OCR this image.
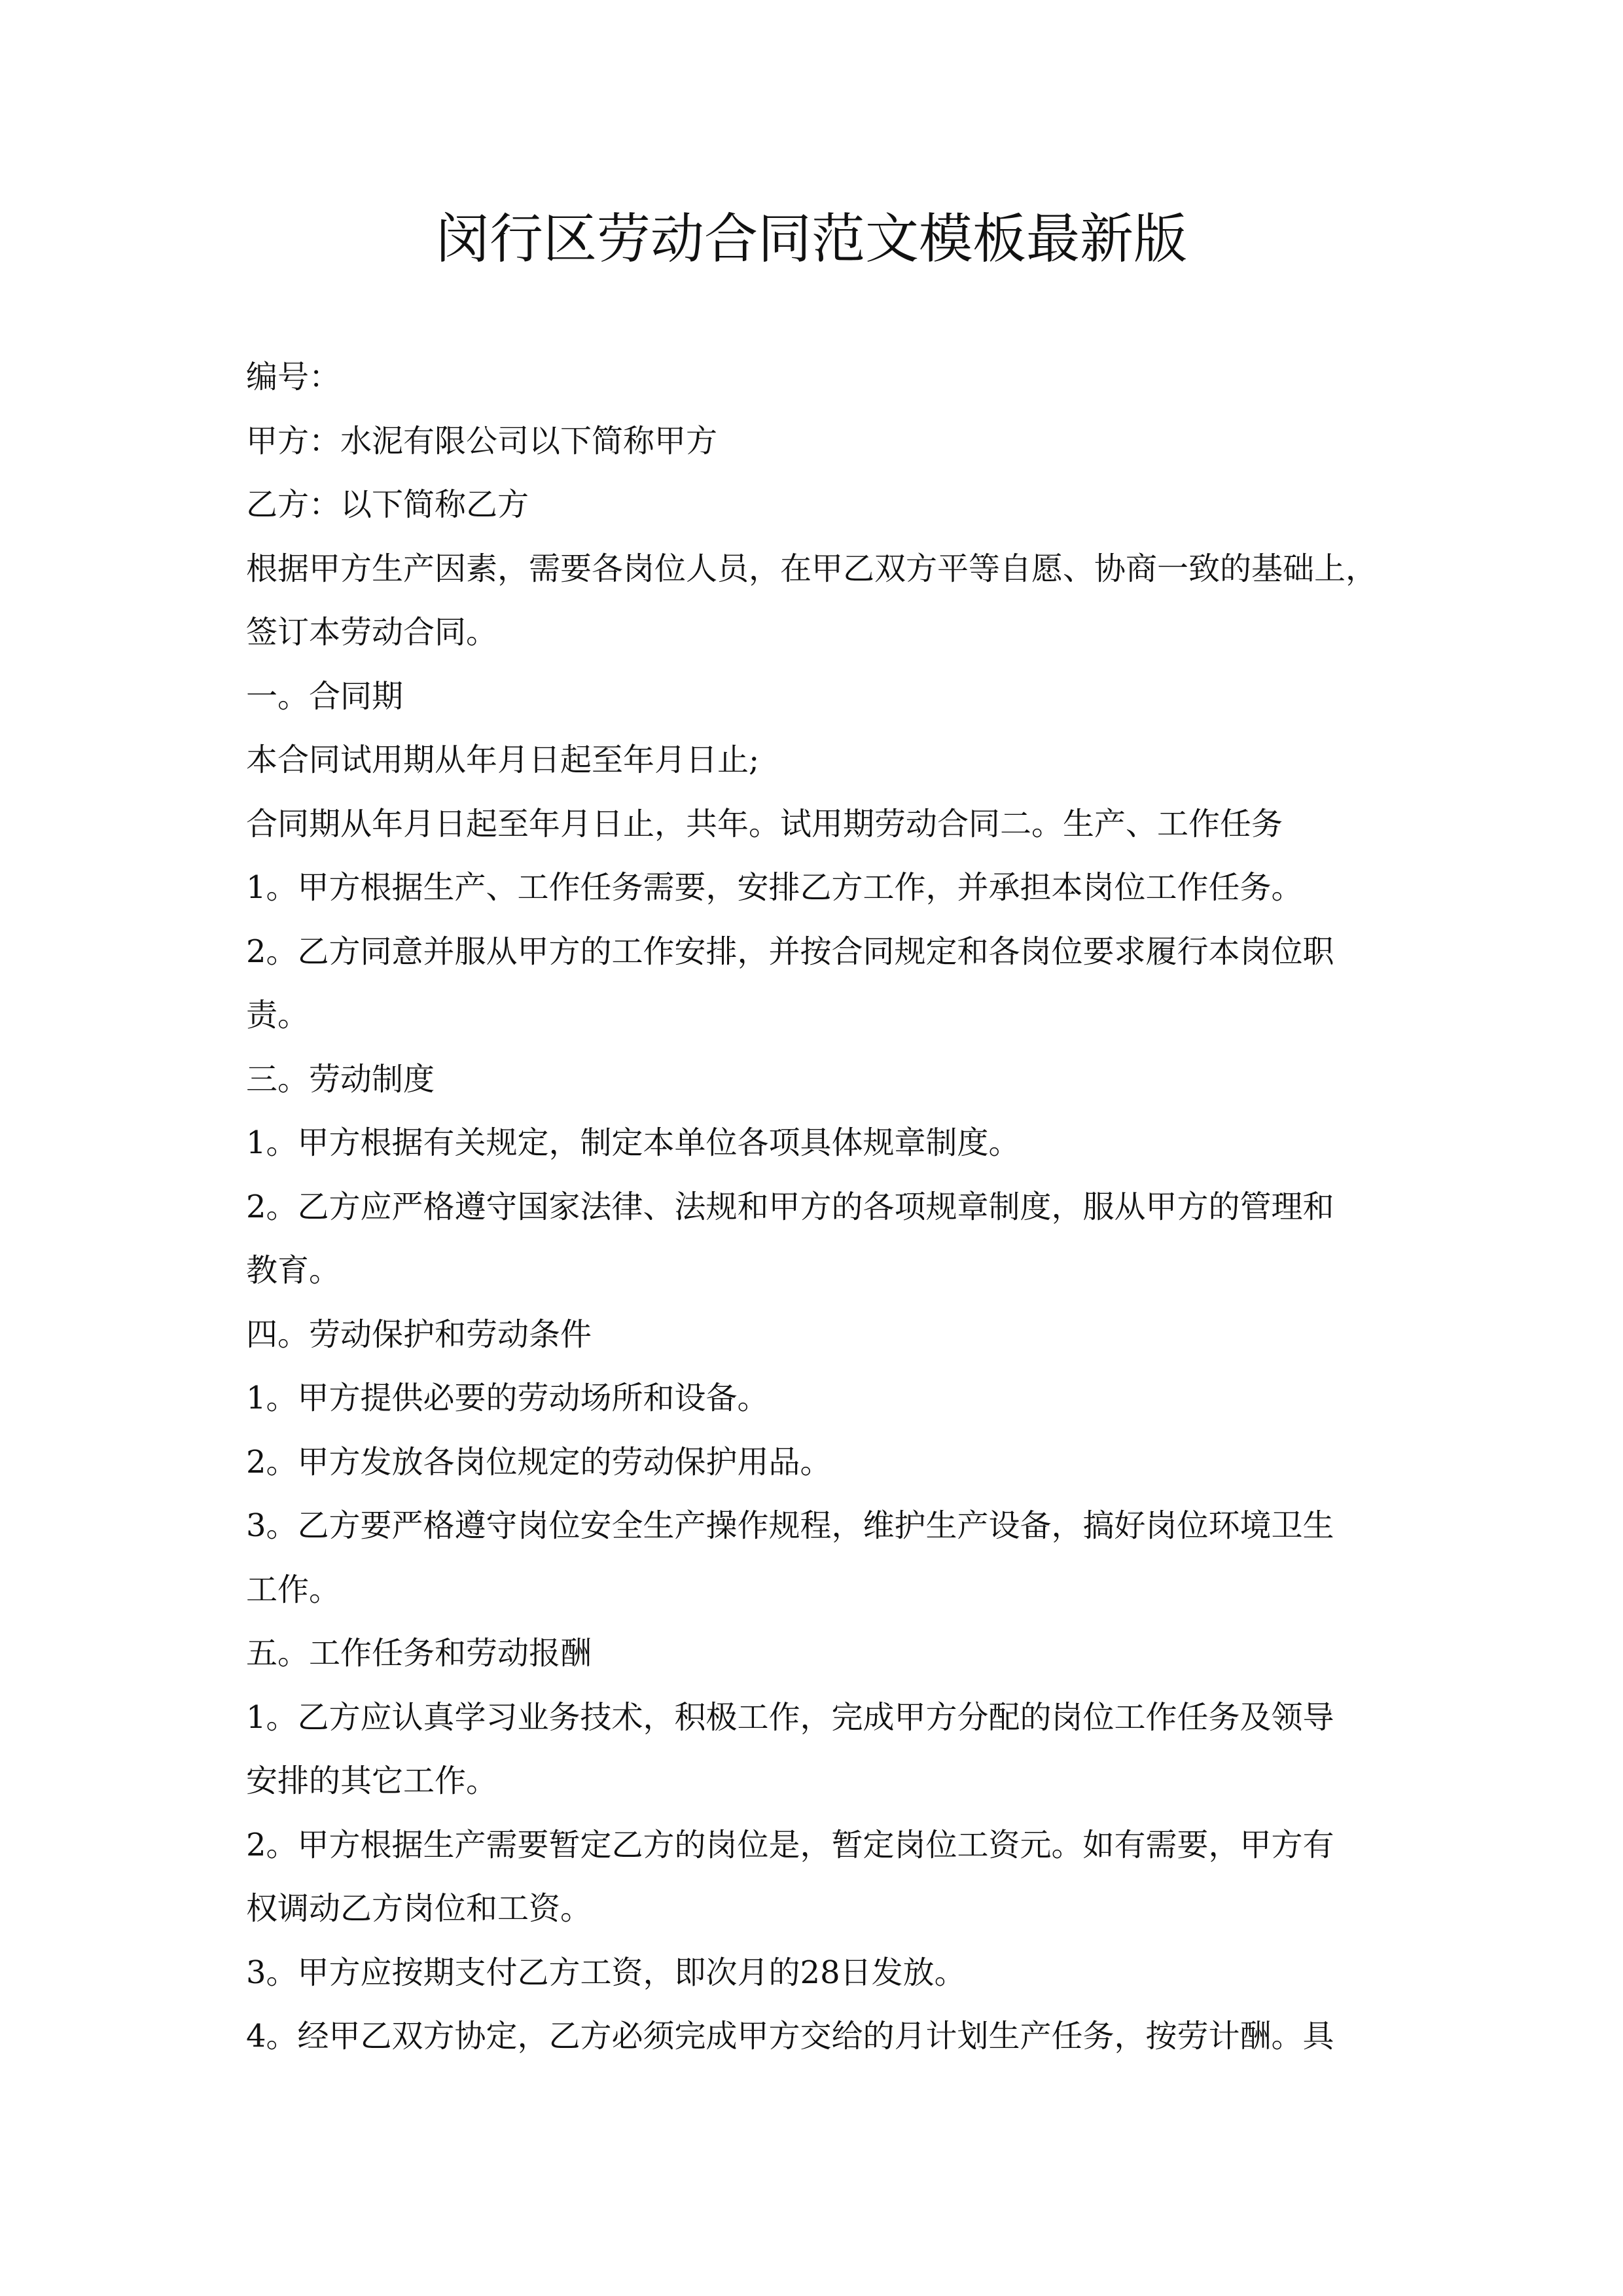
闵行区劳动合同范文模板最新版
编号：
甲方：水泥有限公司以下简称甲方
乙方：以下简称乙方
根据甲方生产因素，需要各岗位人员，在甲乙双方平等自愿、协商一致的基础上，
签订本劳动合同。
一。合同期
本合同试用期从年月日起至年月日止;
合同期从年月日起至年月日止，共年。试用期劳动合同二。生产、工作任务
1。甲方根据生产、工作任务需要，安排乙方工作，并承担本岗位工作任务。
2。乙方同意并服从甲方的工作安排，并按合同规定和各岗位要求履行本岗位职
责。
三。劳动制度
1。甲方根据有关规定，制定本单位各项具体规章制度。
2。乙方应严格遵守国家法律、法规和甲方的各项规章制度，服从甲方的管理和
教育。
四。劳动保护和劳动条件
1。甲方提供必要的劳动场所和设备。
2。甲方发放各岗位规定的劳动保护用品。
3。乙方要严格遵守岗位安全生产操作规程，维护生产设备，搞好岗位环境卫生
工作。
五。工作任务和劳动报酬
1。乙方应认真学习业务技术，积极工作，完成甲方分配的岗位工作任务及领导
安排的其它工作。
2。甲方根据生产需要暂定乙方的岗位是，暂定岗位工资元。如有需要，甲方有
权调动乙方岗位和工资。
3。甲方应按期支付乙方工资，即次月的28日发放。
4。经甲乙双方协定，乙方必须完成甲方交给的月计划生产任务，按劳计酬。具
